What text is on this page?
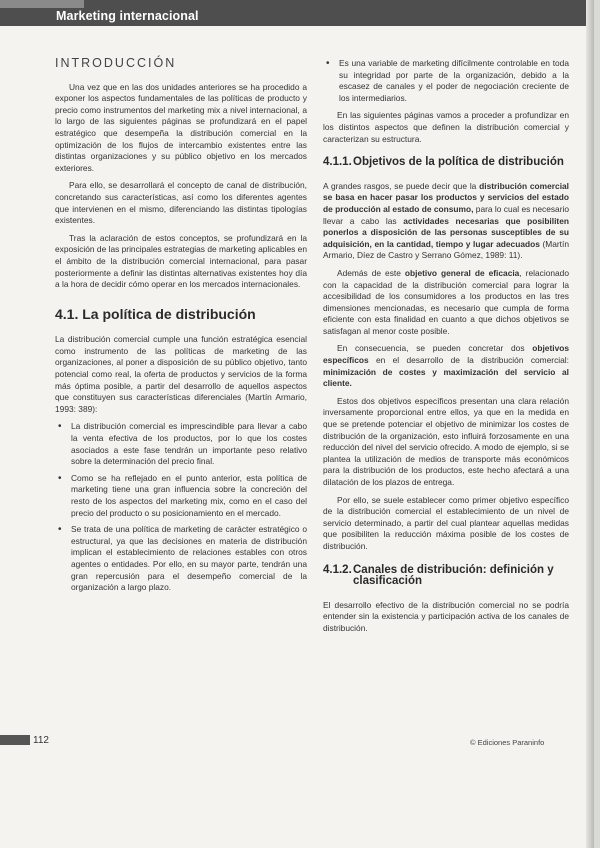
Marketing internacional
INTRODUCCIÓN

Una vez que en las dos unidades anteriores se ha procedido a exponer los aspectos fundamentales de las políticas de producto y precio como instrumentos del marketing mix a nivel internacional, a lo largo de las siguientes páginas se profundizará en el papel estratégico que desempeña la distribución comercial en la optimización de los flujos de intercambio existentes entre las distintas organizaciones y su público objetivo en los mercados exteriores.

Para ello, se desarrollará el concepto de canal de distribución, concretando sus características, así como los diferentes agentes que intervienen en el mismo, diferenciando las distintas tipologías existentes.

Tras la aclaración de estos conceptos, se profundizará en la exposición de las principales estrategias de marketing aplicables en el ámbito de la distribución comercial internacional, para pasar posteriormente a definir las distintas alternativas existentes hoy día a la hora de decidir cómo operar en los mercados internacionales.

4.1. La política de distribución

La distribución comercial cumple una función estratégica esencial como instrumento de las políticas de marketing de las organizaciones, al poner a disposición de su público objetivo, tanto potencial como real, la oferta de productos y servicios de la forma más óptima posible, a partir del desarrollo de aquellos aspectos que constituyen sus características diferenciales (Martín Armario, 1993: 389):

• La distribución comercial es imprescindible para llevar a cabo la venta efectiva de los productos, por lo que los costes asociados a este fase tendrán un importante peso relativo sobre la determinación del precio final.
• Como se ha reflejado en el punto anterior, esta política de marketing tiene una gran influencia sobre la concreción del resto de los aspectos del marketing mix, como en el caso del precio del producto o su posicionamiento en el mercado.
• Se trata de una política de marketing de carácter estratégico o estructural, ya que las decisiones en materia de distribución implican el establecimiento de relaciones estables con otros agentes o entidades. Por ello, en su mayor parte, tendrán una gran repercusión para el desempeño comercial de la organización a largo plazo.
• Es una variable de marketing difícilmente controlable en toda su integridad por parte de la organización, debido a la escasez de canales y el poder de negociación creciente de los intermediarios.

En las siguientes páginas vamos a proceder a profundizar en los distintos aspectos que definen la distribución comercial y caracterizan su estructura.

4.1.1. Objetivos de la política de distribución

A grandes rasgos, se puede decir que la distribución comercial se basa en hacer pasar los productos y servicios del estado de producción al estado de consumo, para lo cual es necesario llevar a cabo las actividades necesarias que posibiliten ponerlos a disposición de las personas susceptibles de su adquisición, en la cantidad, tiempo y lugar adecuados (Martín Armario, Díez de Castro y Serrano Gómez, 1989: 11).

Además de este objetivo general de eficacia, relacionado con la capacidad de la distribución comercial para lograr la accesibilidad de los consumidores a los productos en las tres dimensiones mencionadas, es necesario que cumpla de forma eficiente con esta finalidad en cuanto a que dichos objetivos se satisfagan al menor coste posible.

En consecuencia, se pueden concretar dos objetivos específicos en el desarrollo de la distribución comercial: minimización de costes y maximización del servicio al cliente.

Estos dos objetivos específicos presentan una clara relación inversamente proporcional entre ellos, ya que en la medida en que se pretende potenciar el objetivo de minimizar los costes de distribución de la organización, esto influirá forzosamente en una reducción del nivel del servicio ofrecido. A modo de ejemplo, si se plantea la utilización de medios de transporte más económicos para la distribución de los productos, este hecho afectará a una dilatación de los plazos de entrega.

Por ello, se suele establecer como primer objetivo específico de la distribución comercial el establecimiento de un nivel de servicio determinado, a partir del cual plantear aquellas medidas que posibiliten la reducción máxima posible de los costes de distribución.

4.1.2. Canales de distribución: definición y clasificación

El desarrollo efectivo de la distribución comercial no se podría entender sin la existencia y participación activa de los canales de distribución.

112	© Ediciones Paraninfo
